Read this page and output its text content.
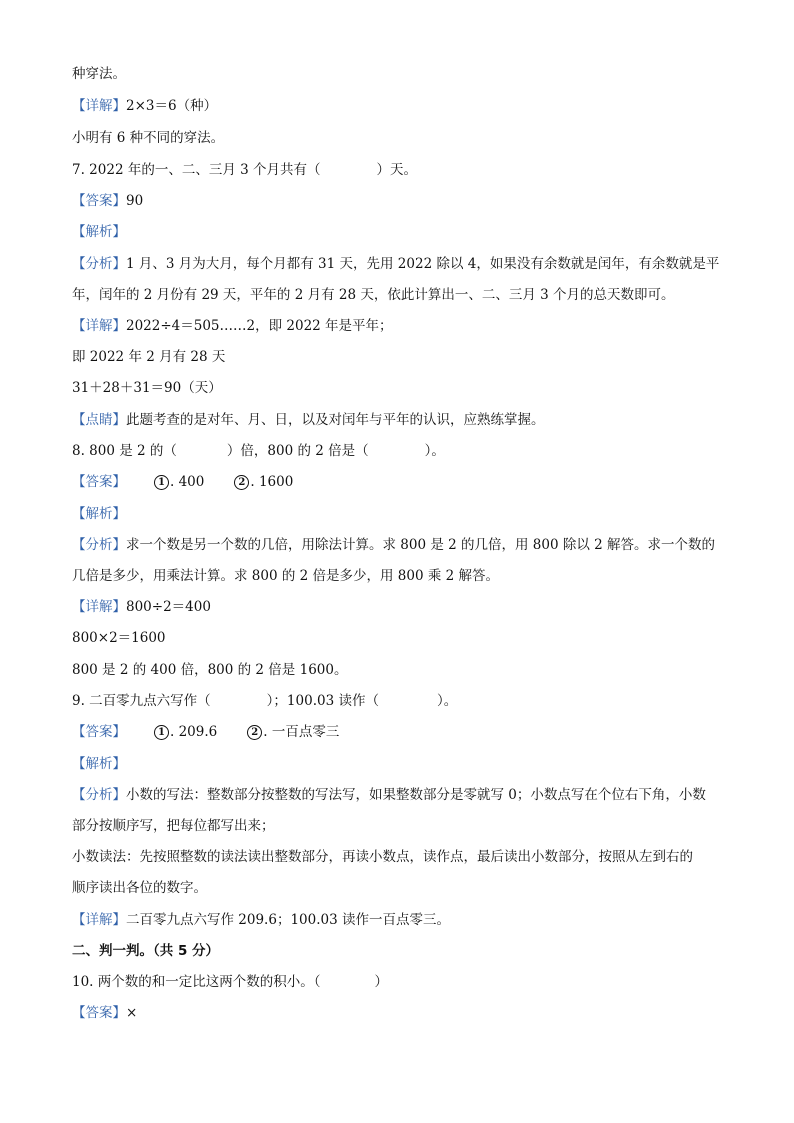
种穿法。
【详解】2×3＝6（种）
小明有 6 种不同的穿法。
7. 2022 年的一、二、三月 3 个月共有（	）天。
【答案】90
【解析】
【分析】1 月、3 月为大月，每个月都有 31 天，先用 2022 除以 4，如果没有余数就是闰年，有余数就是平
年，闰年的 2 月份有 29 天，平年的 2 月有 28 天，依此计算出一、二、三月 3 个月的总天数即可。
【详解】2022÷4＝505……2，即 2022 年是平年；
即 2022 年 2 月有 28 天
31＋28＋31＝90（天）
【点睛】此题考查的是对年、月、日，以及对闰年与平年的认识，应熟练掌握。
8. 800 是 2 的（	）倍，800 的 2 倍是（	）。
【答案】	1 . 400	2 . 1600
【解析】
【分析】求一个数是另一个数的几倍，用除法计算。求 800 是 2 的几倍，用 800 除以 2 解答。求一个数的
几倍是多少，用乘法计算。求 800 的 2 倍是多少，用 800 乘 2 解答。
【详解】800÷2＝400
800×2＝1600
800 是 2 的 400 倍，800 的 2 倍是 1600。
9. 二百零九点六写作（	）；100.03 读作（	）。
【答案】	1 . 209.6	2 . 一百点零三
【解析】
【分析】小数的写法：整数部分按整数的写法写，如果整数部分是零就写 0；小数点写在个位右下角，小数
部分按顺序写，把每位都写出来；
小数读法：先按照整数的读法读出整数部分，再读小数点，读作点，最后读出小数部分，按照从左到右的
顺序读出各位的数字。
【详解】二百零九点六写作 209.6；100.03 读作一百点零三。
二、判一判。（共 5 分）
10. 两个数的和一定比这两个数的积小。（	）
【答案】×
